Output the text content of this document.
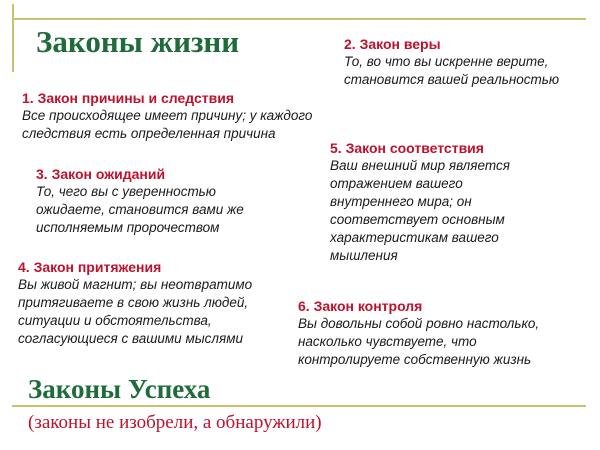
Законы жизни	2. Закон веры
То, во что вы искренне верите, становится вашей реальностью
1. Закон причины и следствия
Все происходящее имеет причину; у каждого следствия есть определенная причина
5. Закон соответствия
Ваш внешний мир является отражением вашего внутреннего мира; он соответствует основным характеристикам вашего мышления
3. Закон ожиданий
То, чего вы с уверенностью ожидаете, становится вами же исполняемым пророчеством
4. Закон притяжения
Вы живой магнит; вы неотвратимо притягиваете в свою жизнь людей, ситуации и обстоятельства, согласующиеся с вашими мыслями
6. Закон контроля
Вы довольны собой ровно настолько, насколько чувствуете, что контролируете собственную жизнь
Законы Успеха
(законы не изобрели, а обнаружили)
